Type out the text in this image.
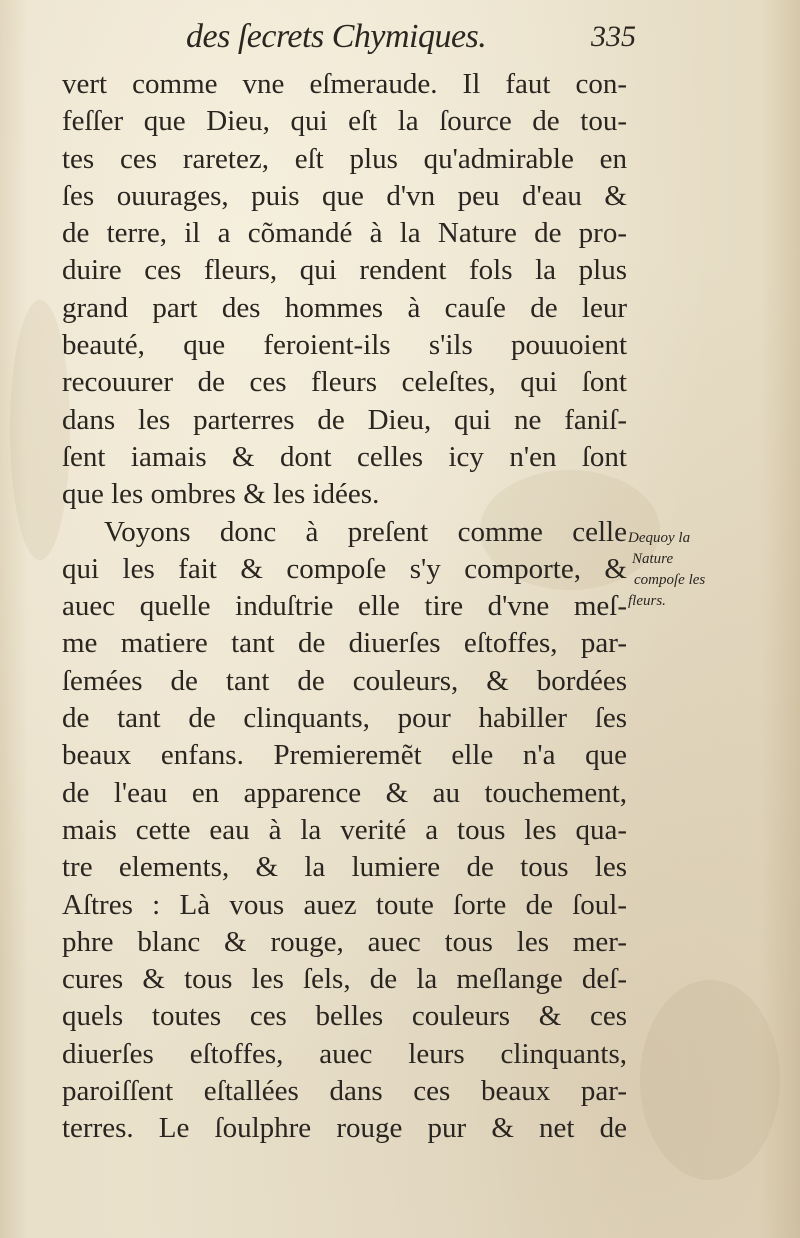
des ſecrets Chymiques.	335
vert comme vne eſmeraude. Il faut con-
feſſer que Dieu, qui eſt la ſource de tou-
tes ces raretez, eſt plus qu'admirable en
ſes ouurages, puis que d'vn peu d'eau &
de terre, il a cõmandé à la Nature de pro-
duire ces fleurs, qui rendent fols la plus
grand part des hommes à cauſe de leur
beauté, que feroient-ils s'ils pouuoient
recouurer de ces fleurs celeſtes, qui ſont
dans les parterres de Dieu, qui ne faniſ-
ſent iamais & dont celles icy n'en ſont
que les ombres & les idées.
Voyons donc à preſent comme celle
qui les fait & compoſe s'y comporte, &
auec quelle induſtrie elle tire d'vne meſ-
me matiere tant de diuerſes eſtoffes, par-
ſemées de tant de couleurs, & bordées
de tant de clinquants, pour habiller ſes
beaux enfans. Premieremẽt elle n'a que
de l'eau en apparence & au touchement,
mais cette eau à la verité a tous les qua-
tre elements, & la lumiere de tous les
Aſtres : Là vous auez toute ſorte de ſoul-
phre blanc & rouge, auec tous les mer-
cures & tous les ſels, de la meſlange deſ-
quels toutes ces belles couleurs & ces
diuerſes eſtoffes, auec leurs clinquants,
paroiſſent eſtallées dans ces beaux par-
terres. Le ſoulphre rouge pur & net de
Dequoy la
Nature
compoſe les
fleurs.
